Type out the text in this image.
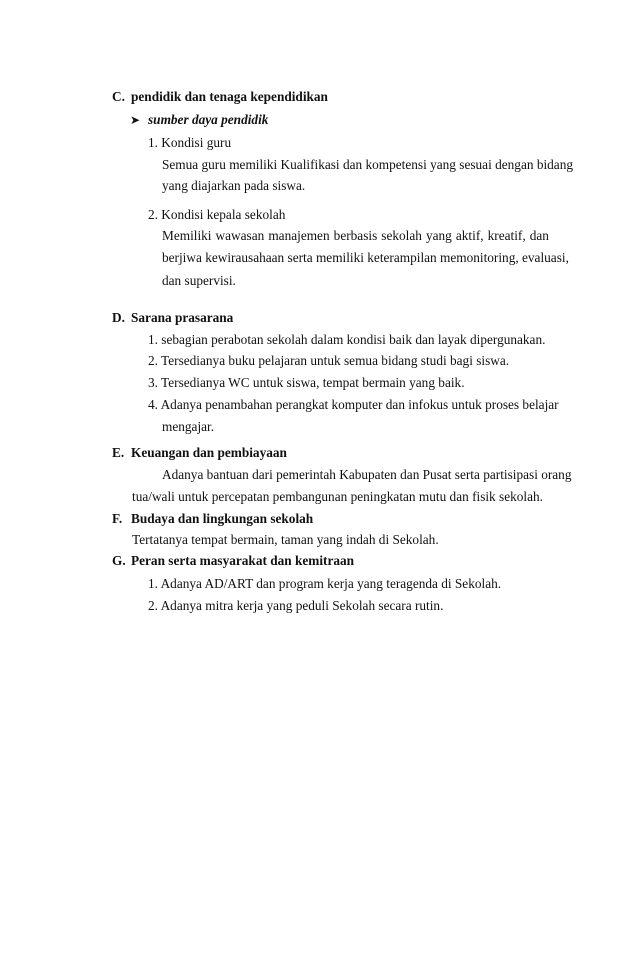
C. pendidik dan tenaga kependidikan
➤ sumber daya pendidik
1. Kondisi guru
Semua guru memiliki Kualifikasi dan kompetensi yang sesuai dengan bidang
yang diajarkan pada siswa.
2. Kondisi kepala sekolah
Memiliki wawasan manajemen berbasis sekolah yang aktif, kreatif, dan
berjiwa kewirausahaan serta memiliki keterampilan memonitoring, evaluasi,
dan supervisi.
D. Sarana prasarana
1. sebagian perabotan sekolah dalam kondisi baik dan layak dipergunakan.
2. Tersedianya buku pelajaran untuk semua bidang studi bagi siswa.
3. Tersedianya WC untuk siswa, tempat bermain yang baik.
4. Adanya penambahan perangkat komputer dan infokus untuk proses belajar
mengajar.
E. Keuangan dan pembiayaan
Adanya bantuan dari pemerintah Kabupaten dan Pusat serta partisipasi orang
tua/wali untuk percepatan pembangunan peningkatan mutu dan fisik sekolah.
F. Budaya dan lingkungan sekolah
Tertatanya tempat bermain, taman yang indah di Sekolah.
G. Peran serta masyarakat dan kemitraan
1. Adanya AD/ART dan program kerja yang teragenda di Sekolah.
2. Adanya mitra kerja yang peduli Sekolah secara rutin.
